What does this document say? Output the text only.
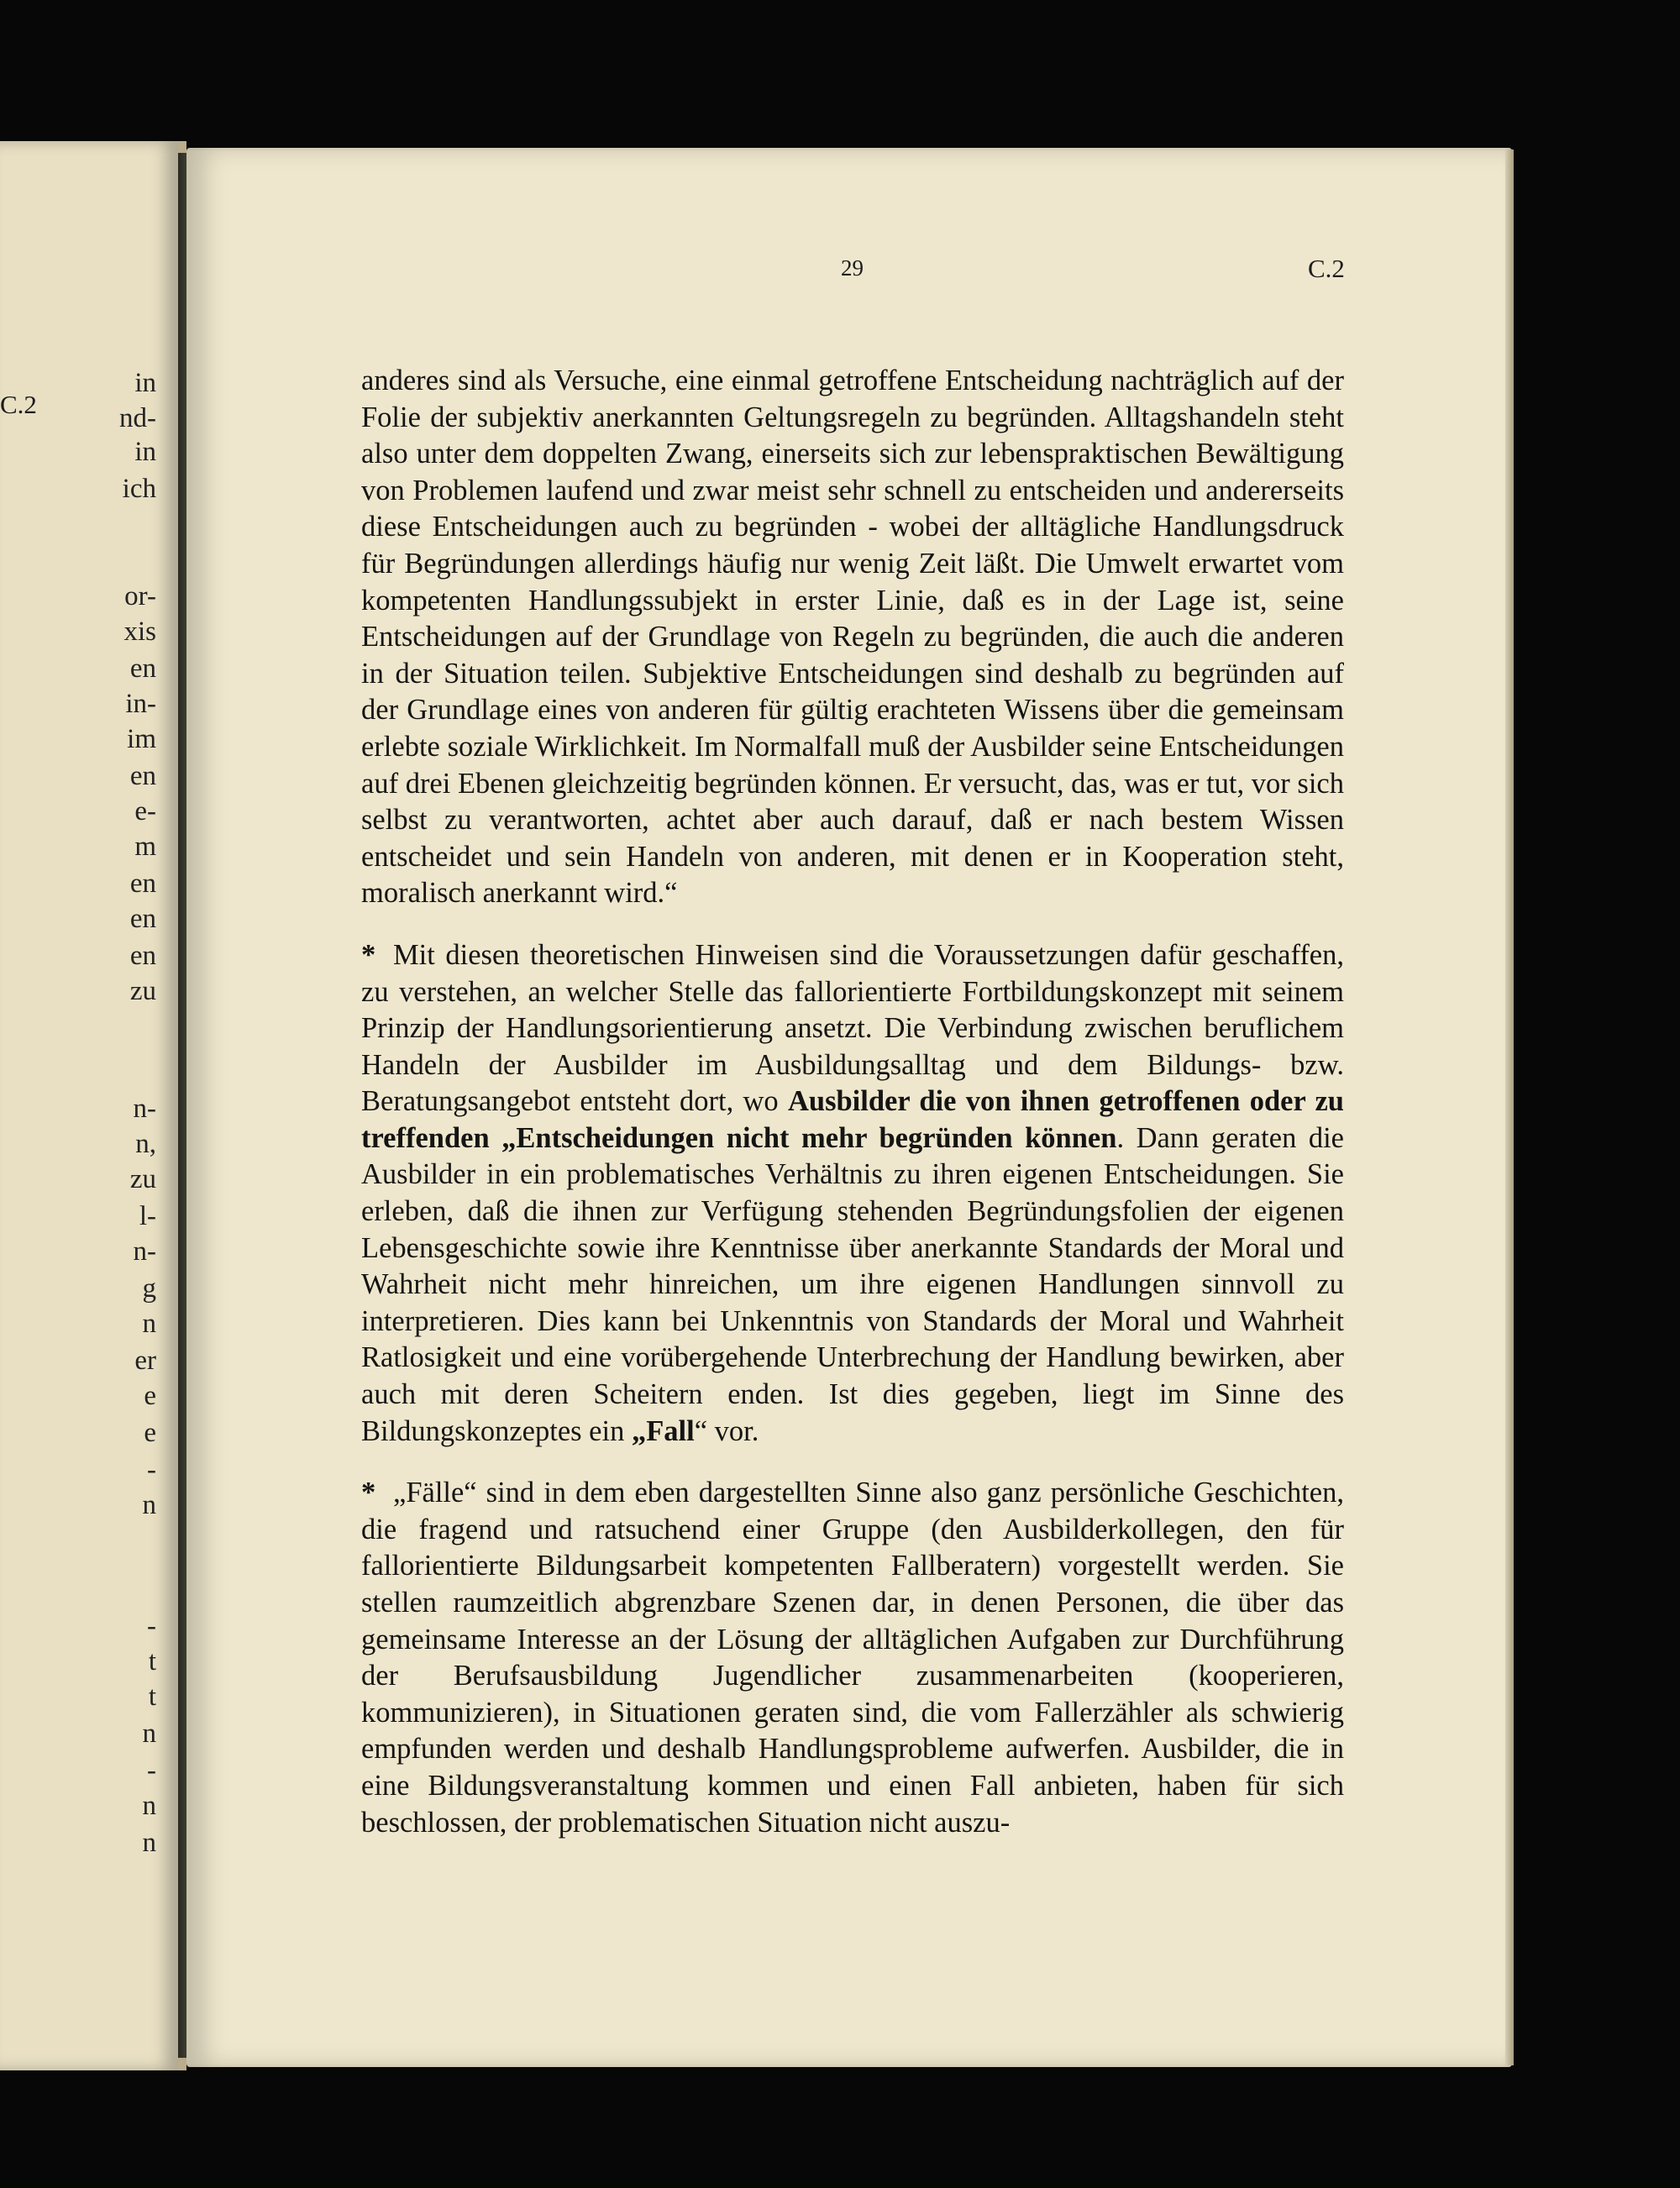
C.2
in
nd-
in
ich
or-
xis
en
in-
im
en
e-
m
en
en
en
zu
n-
n,
zu
l-
n-
g
n
er
e
e
-
n
-
t
t
n
-
n
n
29	C.2

anderes sind als Versuche, eine einmal getroffene Entscheidung nachträglich auf der Folie der subjektiv anerkannten Geltungsregeln zu begründen. Alltagshandeln steht also unter dem doppelten Zwang, einerseits sich zur lebenspraktischen Bewältigung von Problemen laufend und zwar meist sehr schnell zu entscheiden und andererseits diese Entscheidungen auch zu begründen - wobei der alltägliche Handlungsdruck für Begründungen allerdings häufig nur wenig Zeit läßt. Die Umwelt erwartet vom kompetenten Handlungssubjekt in erster Linie, daß es in der Lage ist, seine Entscheidungen auf der Grundlage von Regeln zu begründen, die auch die anderen in der Situation teilen. Subjektive Entscheidungen sind deshalb zu begründen auf der Grundlage eines von anderen für gültig erachteten Wissens über die gemeinsam erlebte soziale Wirklichkeit. Im Normalfall muß der Ausbilder seine Entscheidungen auf drei Ebenen gleichzeitig begründen können. Er versucht, das, was er tut, vor sich selbst zu verantworten, achtet aber auch darauf, daß er nach bestem Wissen entscheidet und sein Handeln von anderen, mit denen er in Kooperation steht, moralisch anerkannt wird.“

* Mit diesen theoretischen Hinweisen sind die Voraussetzungen dafür geschaffen, zu verstehen, an welcher Stelle das fallorientierte Fortbildungskonzept mit seinem Prinzip der Handlungsorientierung ansetzt. Die Verbindung zwischen beruflichem Handeln der Ausbilder im Ausbildungsalltag und dem Bildungs- bzw. Beratungsangebot entsteht dort, wo Ausbilder die von ihnen getroffenen oder zu treffenden „Entscheidungen nicht mehr begründen können. Dann geraten die Ausbilder in ein problematisches Verhältnis zu ihren eigenen Entscheidungen. Sie erleben, daß die ihnen zur Verfügung stehenden Begründungsfolien der eigenen Lebensgeschichte sowie ihre Kenntnisse über anerkannte Standards der Moral und Wahrheit nicht mehr hinreichen, um ihre eigenen Handlungen sinnvoll zu interpretieren. Dies kann bei Unkenntnis von Standards der Moral und Wahrheit Ratlosigkeit und eine vorübergehende Unterbrechung der Handlung bewirken, aber auch mit deren Scheitern enden. Ist dies gegeben, liegt im Sinne des Bildungskonzeptes ein „Fall“ vor.

* „Fälle“ sind in dem eben dargestellten Sinne also ganz persönliche Geschichten, die fragend und ratsuchend einer Gruppe (den Ausbilderkollegen, den für fallorientierte Bildungsarbeit kompetenten Fallberatern) vorgestellt werden. Sie stellen raumzeitlich abgrenzbare Szenen dar, in denen Personen, die über das gemeinsame Interesse an der Lösung der alltäglichen Aufgaben zur Durchführung der Berufsausbildung Jugendlicher zusammenarbeiten (kooperieren, kommunizieren), in Situationen geraten sind, die vom Fallerzähler als schwierig empfunden werden und deshalb Handlungsprobleme aufwerfen. Ausbilder, die in eine Bildungsveranstaltung kommen und einen Fall anbieten, haben für sich beschlossen, der problematischen Situation nicht auszu-
